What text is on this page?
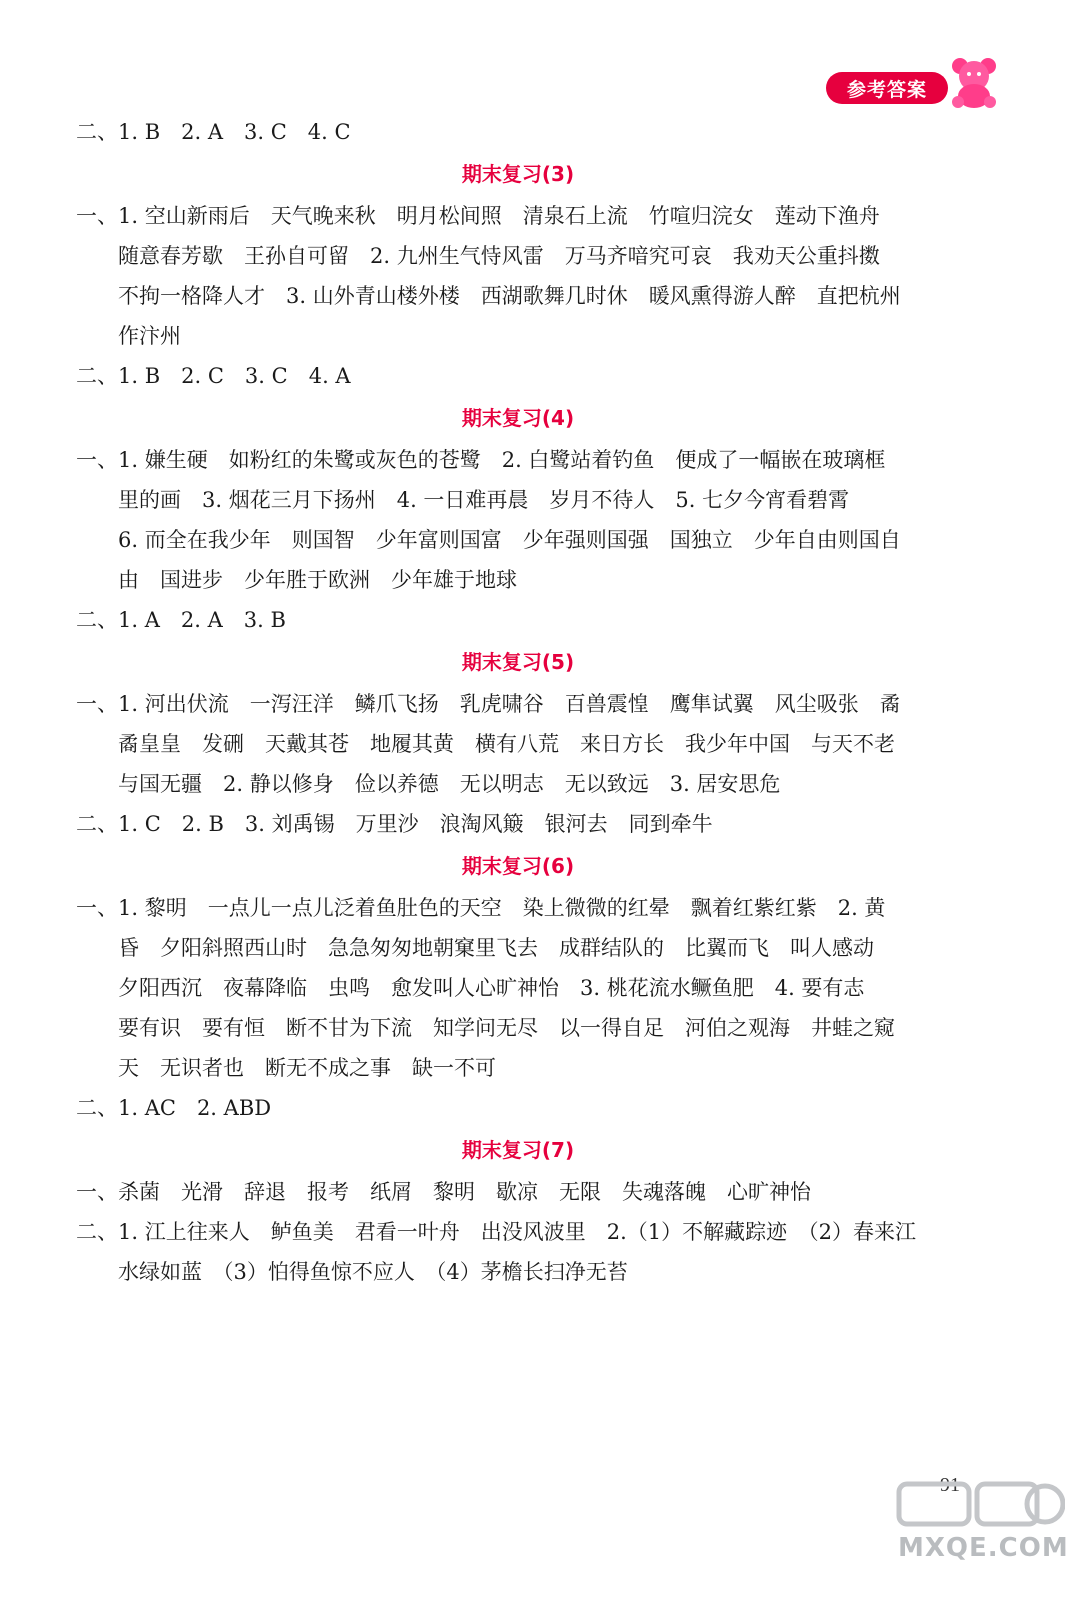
参考答案
二、1. B　2. A　3. C　4. C
期末复习(3)
一、1. 空山新雨后　天气晚来秋　明月松间照　清泉石上流　竹喧归浣女　莲动下渔舟
随意春芳歇　王孙自可留　2. 九州生气恃风雷　万马齐喑究可哀　我劝天公重抖擞
不拘一格降人才　3. 山外青山楼外楼　西湖歌舞几时休　暖风熏得游人醉　直把杭州
作汴州
二、1. B　2. C　3. C　4. A
期末复习(4)
一、1. 嫌生硬　如粉红的朱鹭或灰色的苍鹭　2. 白鹭站着钓鱼　便成了一幅嵌在玻璃框
里的画　3. 烟花三月下扬州　4. 一日难再晨　岁月不待人　5. 七夕今宵看碧霄
6. 而全在我少年　则国智　少年富则国富　少年强则国强　国独立　少年自由则国自
由　国进步　少年胜于欧洲　少年雄于地球
二、1. A　2. A　3. B
期末复习(5)
一、1. 河出伏流　一泻汪洋　鳞爪飞扬　乳虎啸谷　百兽震惶　鹰隼试翼　风尘吸张　矞
矞皇皇　发硎　天戴其苍　地履其黄　横有八荒　来日方长　我少年中国　与天不老
与国无疆　2. 静以修身　俭以养德　无以明志　无以致远　3. 居安思危
二、1. C　2. B　3. 刘禹锡　万里沙　浪淘风簸　银河去　同到牵牛
期末复习(6)
一、1. 黎明　一点儿一点儿泛着鱼肚色的天空　染上微微的红晕　飘着红紫红紫　2. 黄
昏　夕阳斜照西山时　急急匆匆地朝窠里飞去　成群结队的　比翼而飞　叫人感动
夕阳西沉　夜幕降临　虫鸣　愈发叫人心旷神怡　3. 桃花流水鳜鱼肥　4. 要有志
要有识　要有恒　断不甘为下流　知学问无尽　以一得自足　河伯之观海　井蛙之窥
天　无识者也　断无不成之事　缺一不可
二、1. AC　2. ABD
期末复习(7)
一、杀菌　光滑　辞退　报考　纸屑　黎明　歇凉　无限　失魂落魄　心旷神怡
二、1. 江上往来人　鲈鱼美　君看一叶舟　出没风波里　2.（1）不解藏踪迹　（2）春来江
水绿如蓝　（3）怕得鱼惊不应人　（4）茅檐长扫净无苔
91
MXQE.COM
